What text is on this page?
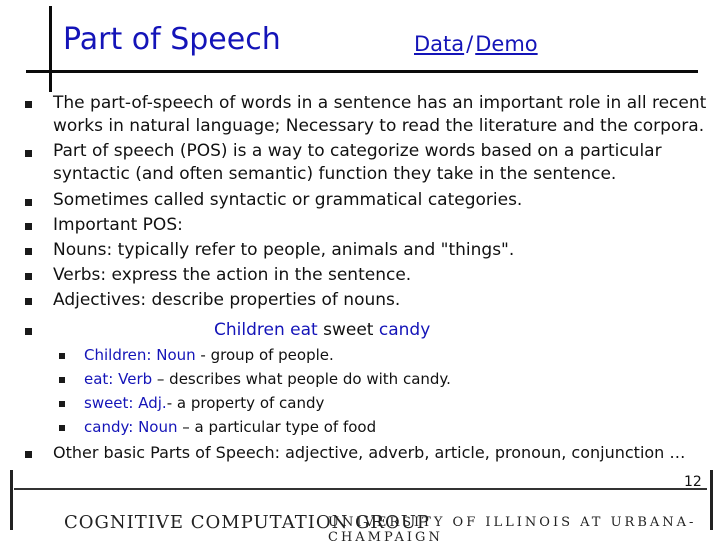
Part of Speech	Data/Demo
The part-of-speech of words in a sentence has an important role in all recent
works in natural language; Necessary to read the literature and the corpora.
Part of speech (POS) is a way to categorize words based on a particular
syntactic (and often semantic) function they take in the sentence.
Sometimes called syntactic or grammatical categories.
Important POS:
Nouns: typically refer to people, animals and "things".
Verbs: express the action in the sentence.
Adjectives: describe properties of nouns.
Children eat sweet candy
Children: Noun - group of people.
eat: Verb – describes what people do with candy.
sweet: Adj.- a property of candy
candy: Noun – a particular type of food
Other basic Parts of Speech: adjective, adverb, article, pronoun, conjunction …
12
COGNITIVE COMPUTATION GROUP
UNIVERSITY OF ILLINOIS AT URBANA-CHAMPAIGN
